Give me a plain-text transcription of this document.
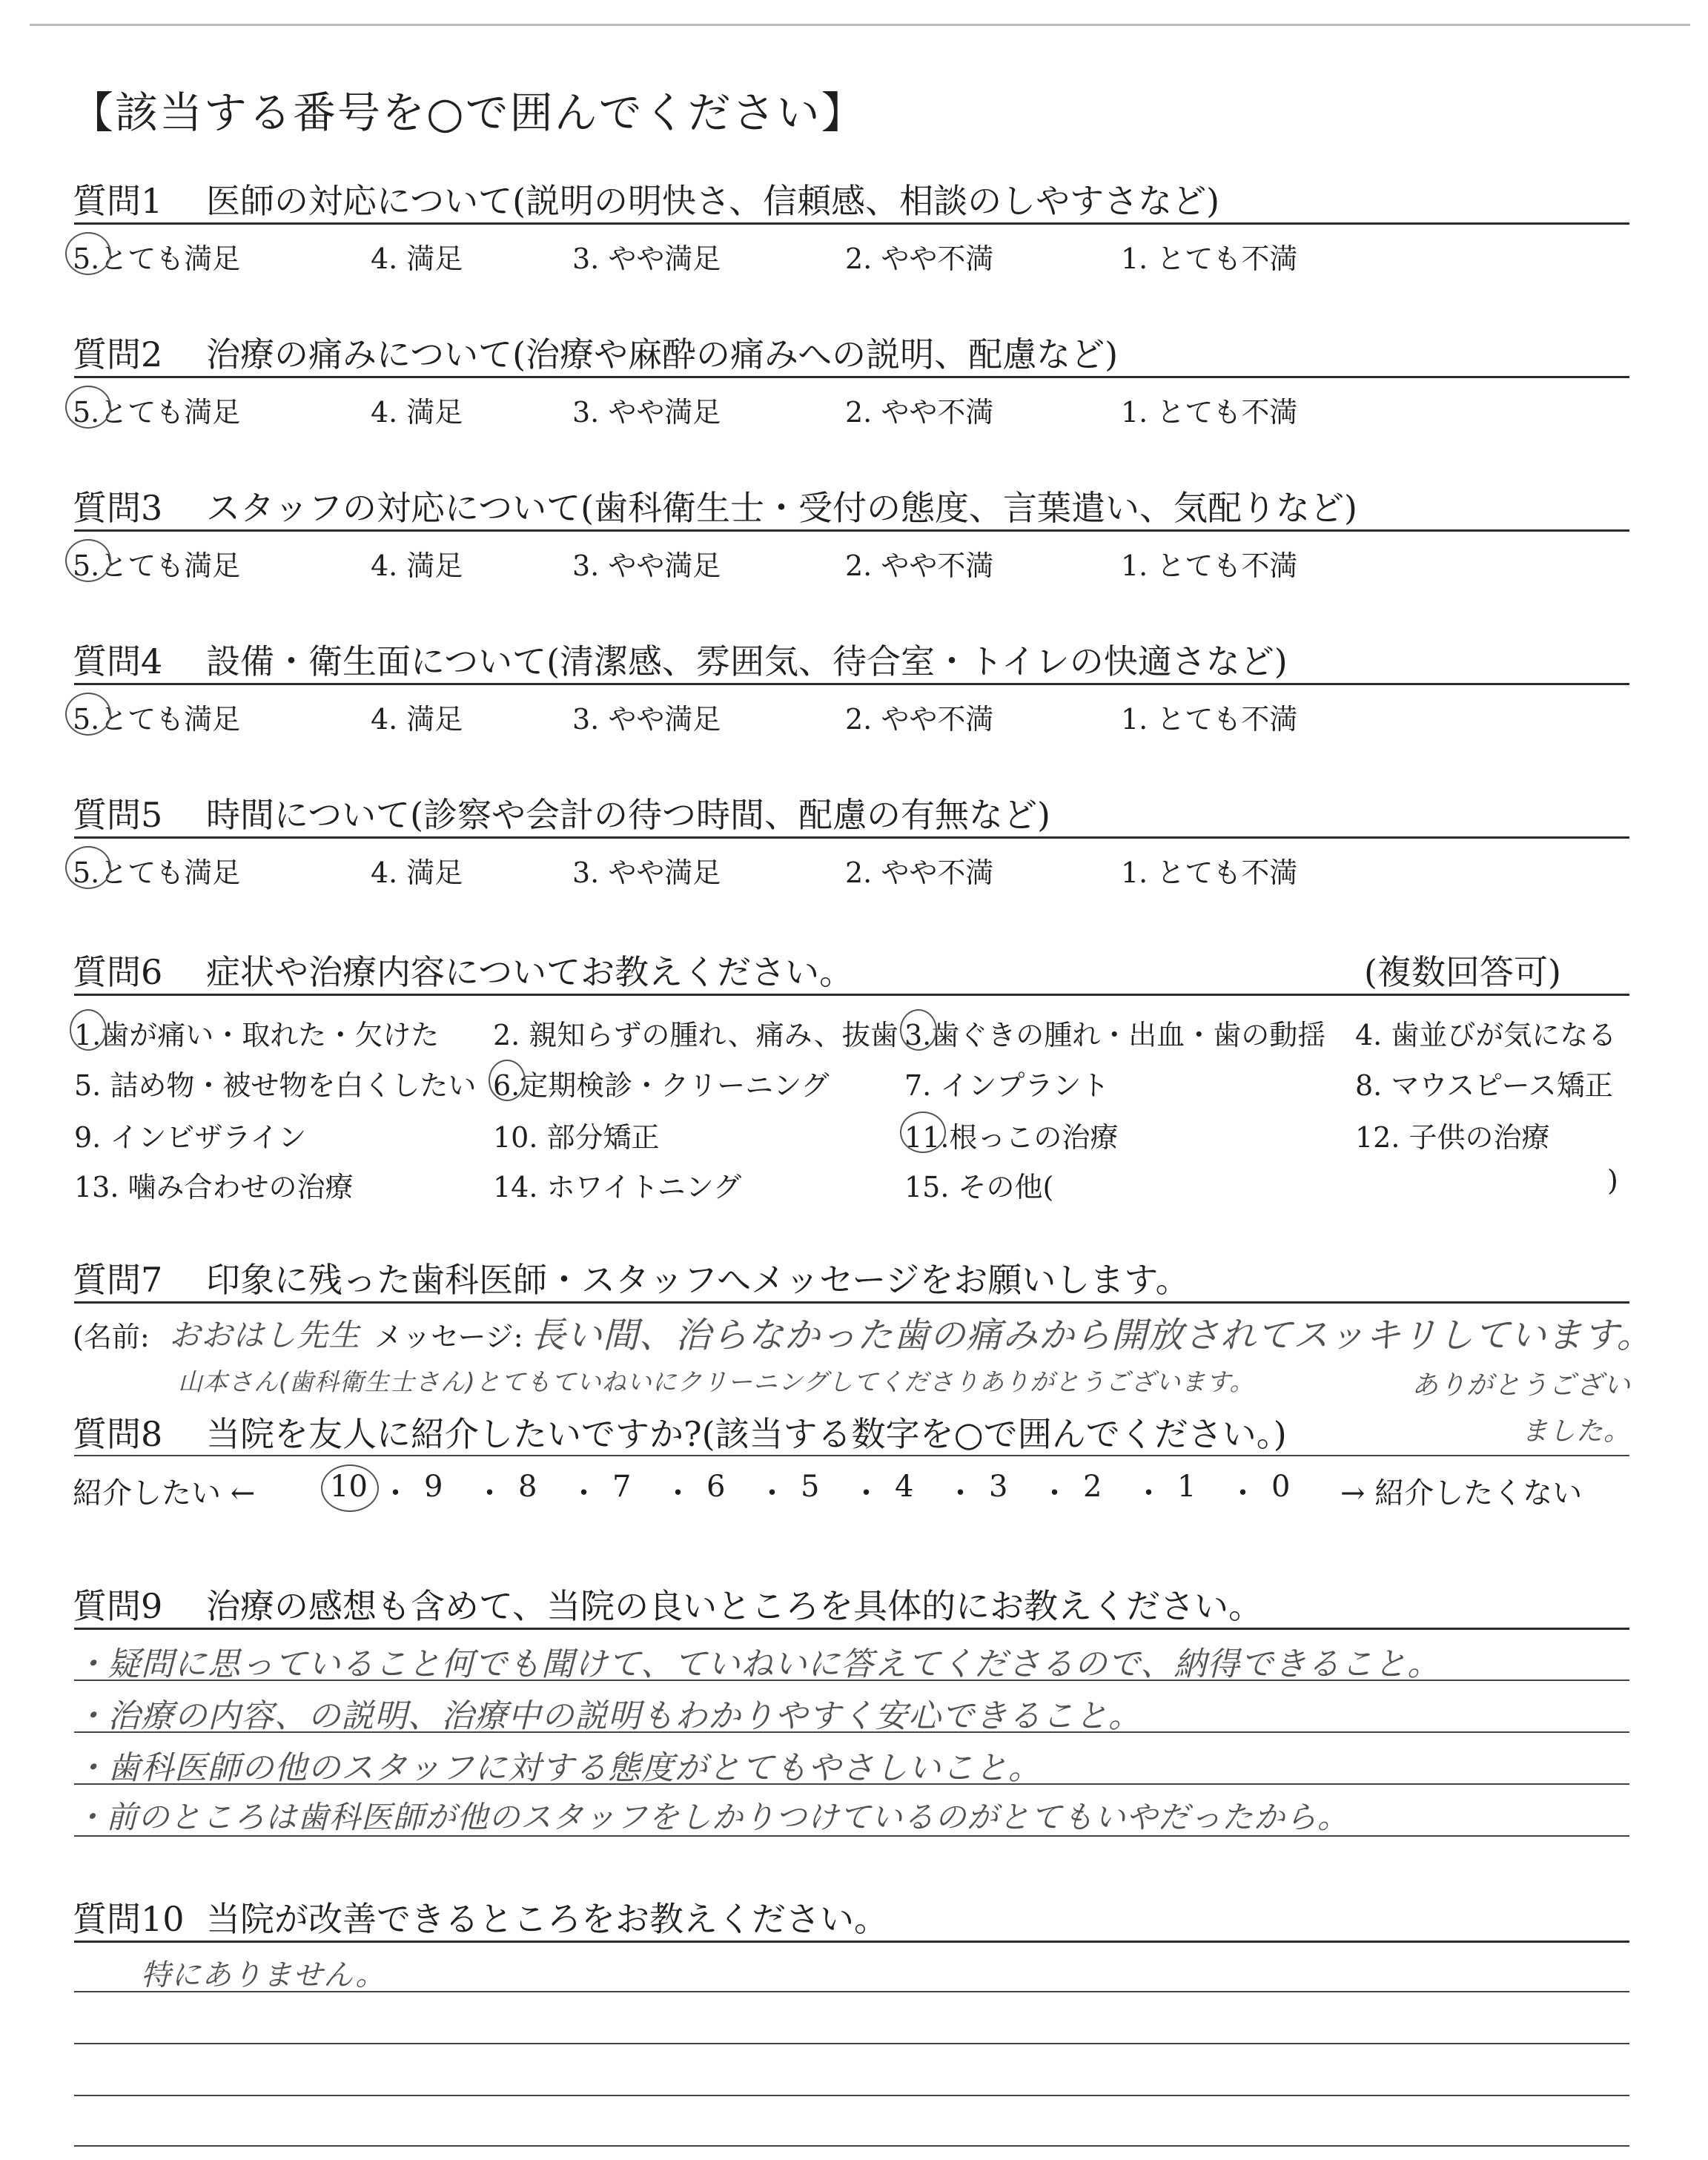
【該当する番号を○で囲んでください】
質問1 医師の対応について(説明の明快さ、信頼感、相談のしやすさなど)
5.とても満足	4. 満足	3. やや満足	2. やや不満	1. とても不満
質問2 治療の痛みについて(治療や麻酔の痛みへの説明、配慮など)
5.とても満足	4. 満足	3. やや満足	2. やや不満	1. とても不満
質問3 スタッフの対応について(歯科衛生士・受付の態度、言葉遣い、気配りなど)
5.とても満足	4. 満足	3. やや満足	2. やや不満	1. とても不満
質問4 設備・衛生面について(清潔感、雰囲気、待合室・トイレの快適さなど)
5.とても満足	4. 満足	3. やや満足	2. やや不満	1. とても不満
質問5 時間について(診察や会計の待つ時間、配慮の有無など)
5.とても満足	4. 満足	3. やや満足	2. やや不満	1. とても不満
質問6 症状や治療内容についてお教えください。	(複数回答可)
1.歯が痛い・取れた・欠けた 2. 親知らずの腫れ、痛み、抜歯 3.歯ぐきの腫れ・出血・歯の動揺 4. 歯並びが気になる
5. 詰め物・被せ物を白くしたい 6.定期検診・クリーニング	7. インプラント	8. マウスピース矯正
9. インビザライン	10. 部分矯正	11.根っこの治療	12. 子供の治療
13. 噛み合わせの治療	14. ホワイトニング	15. その他(	)
質問7 印象に残った歯科医師・スタッフへメッセージをお願いします。
(名前: おおはし先生 メッセージ: 長い間、治らなかった歯の痛みから開放されてスッキリしています。
山本さん(歯科衛生士さん)とてもていねいにクリーニングしてくださりありがとうございます。	ありがとうございました。
質問8 当院を友人に紹介したいですか?(該当する数字を○で囲んでください。)
紹介したい ←	10 ・ 9 ・ 8 ・ 7 ・ 6 ・ 5 ・ 4 ・ 3 ・ 2 ・ 1 ・ 0 → 紹介したくない
質問9 治療の感想も含めて、当院の良いところを具体的にお教えください。
・疑問に思っていること何でも聞けて、ていねいに答えてくださるので、納得できること。
・治療の内容、の説明、治療中の説明もわかりやすく安心できること。
・歯科医師の他のスタッフに対する態度がとてもやさしいこと。
・前のところは歯科医師が他のスタッフをしかりつけているのがとてもいやだったから。
質問10 当院が改善できるところをお教えください。
特にありません。
